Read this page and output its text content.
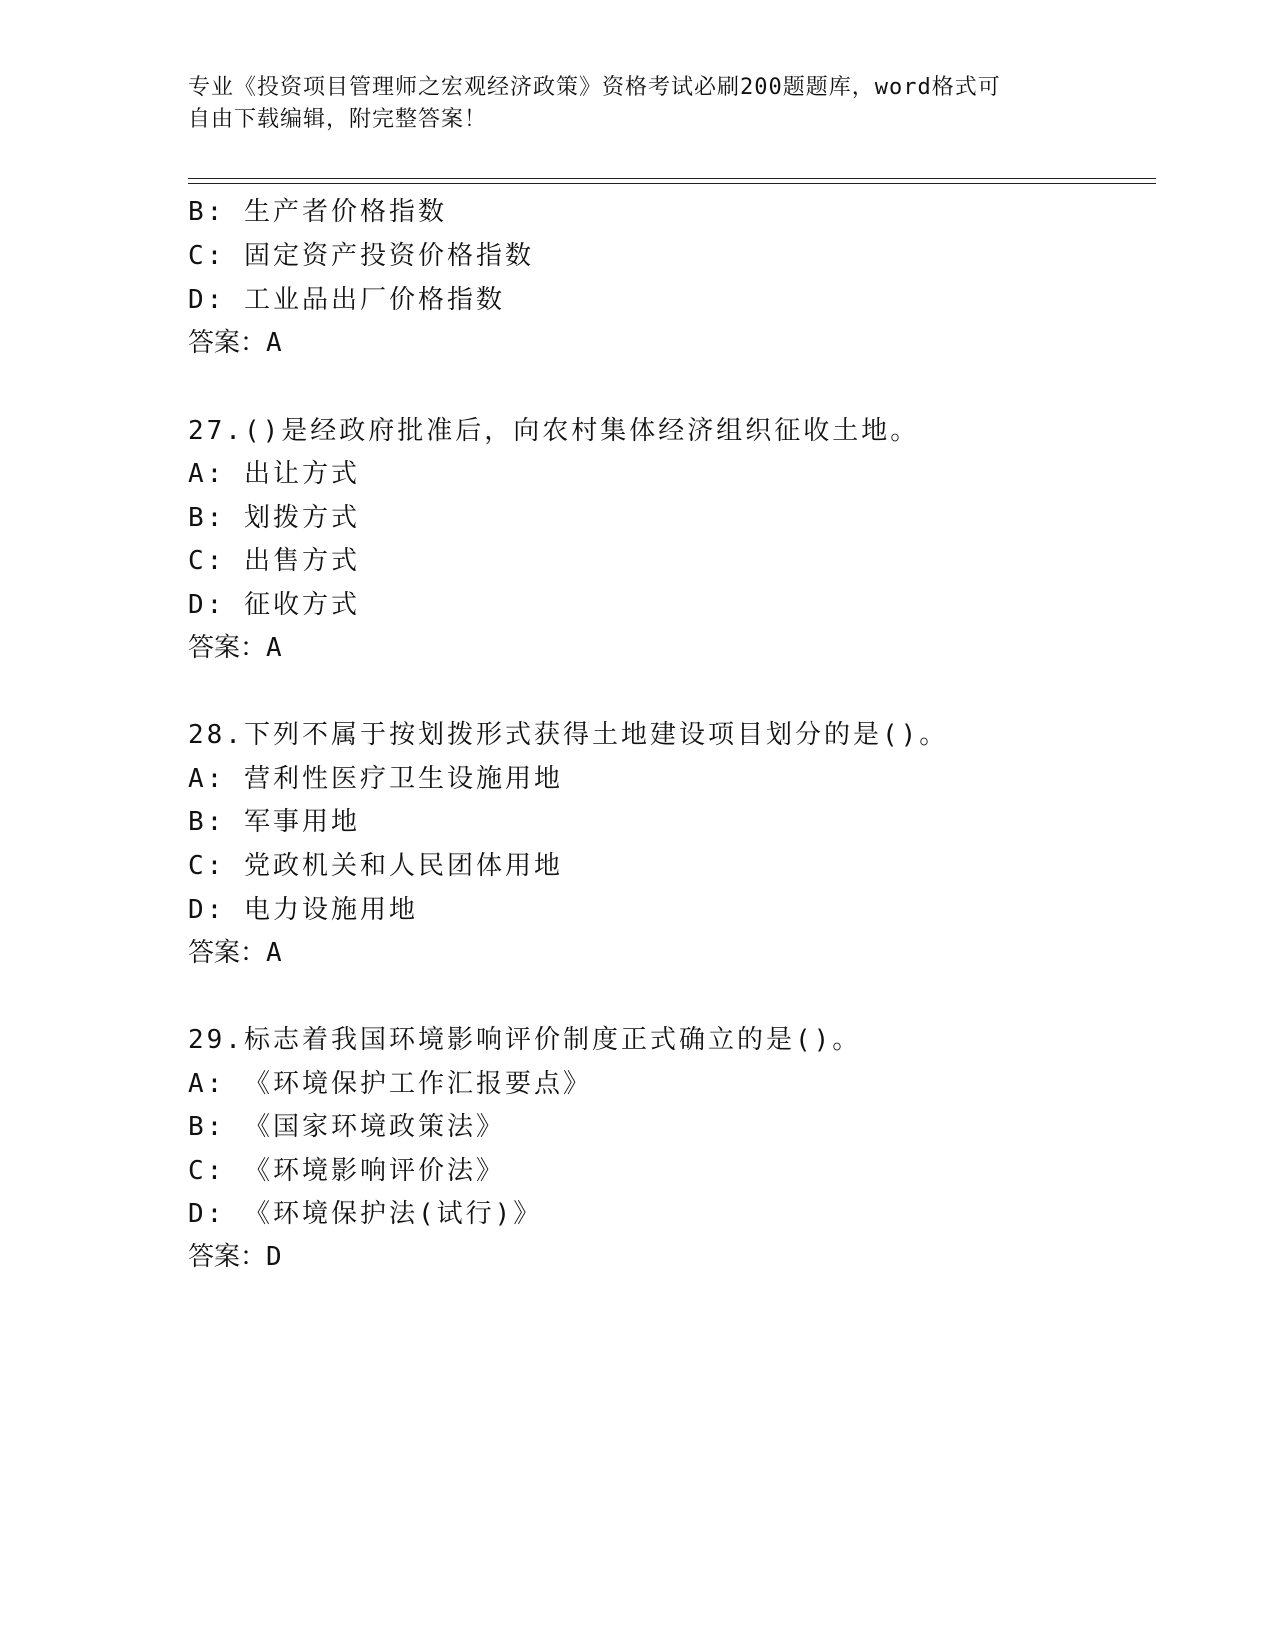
专业《投资项目管理师之宏观经济政策》资格考试必刷200题题库，word格式可
自由下载编辑，附完整答案！
B: 生产者价格指数
C: 固定资产投资价格指数
D: 工业品出厂价格指数
答案：A
27.()是经政府批准后，向农村集体经济组织征收土地。
A: 出让方式
B: 划拨方式
C: 出售方式
D: 征收方式
答案：A
28.下列不属于按划拨形式获得土地建设项目划分的是()。
A: 营利性医疗卫生设施用地
B: 军事用地
C: 党政机关和人民团体用地
D: 电力设施用地
答案：A
29.标志着我国环境影响评价制度正式确立的是()。
A: 《环境保护工作汇报要点》
B: 《国家环境政策法》
C: 《环境影响评价法》
D: 《环境保护法(试行)》
答案：D
